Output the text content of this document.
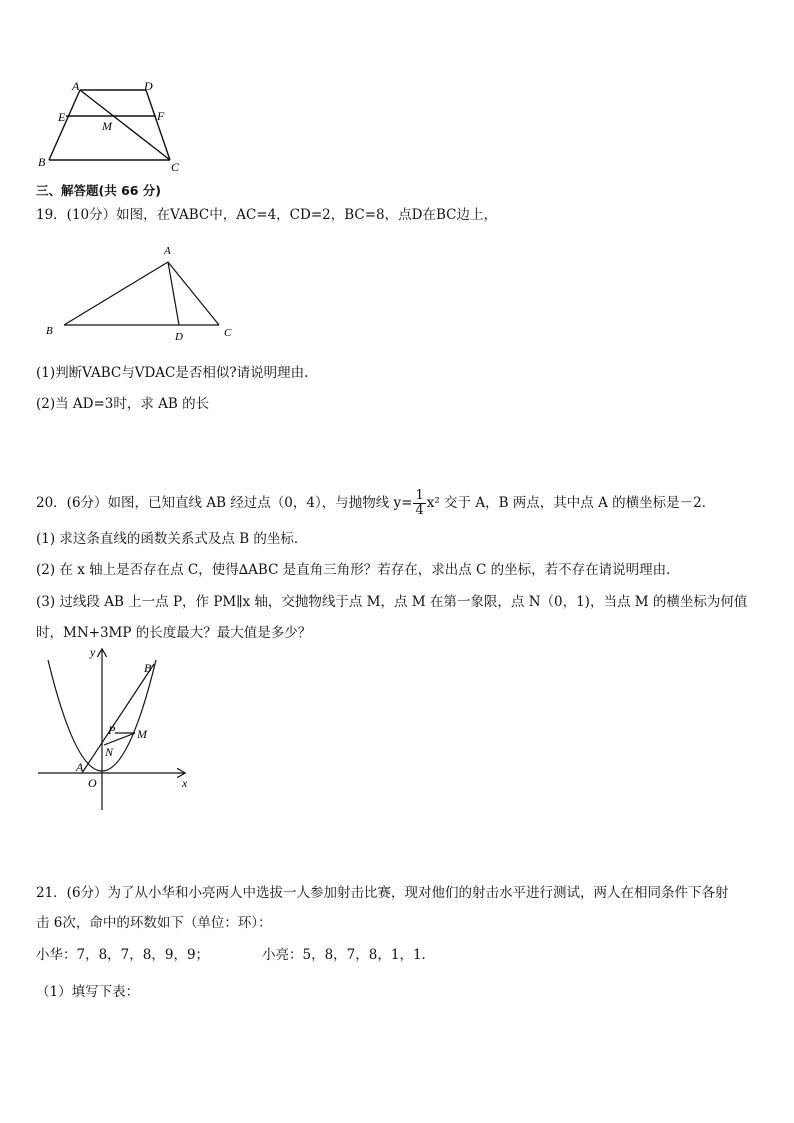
A	D
E	F
M
B	C
三、解答题(共 66 分)
19．(10分）如图，在VABC中，AC=4，CD=2，BC=8，点D在BC边上，
A
B	D	C
(1)判断VABC与VDAC是否相似?请说明理由.
(2)当 AD=3时，求 AB 的长
20．(6分）如图，已知直线 AB 经过点（0，4），与抛物线 $y= \frac{1}{4} x^2$ 交于 A，B 两点，其中点 A 的横坐标是－2．
(1) 求这条直线的函数关系式及点 B 的坐标．
(2) 在 x 轴上是否存在点 C，使得∆ABC 是直角三角形？若存在，求出点 C 的坐标，若不存在请说明理由．
(3) 过线段 AB 上一点 P，作 PM∥x 轴，交抛物线于点 M，点 M 在第一象限，点 N（0，1)，当点 M 的横坐标为何值
时，MN+3MP 的长度最大？最大值是多少？
y
x
O
A
B
P M
N
21．(6分）为了从小华和小亮两人中选拔一人参加射击比赛，现对他们的射击水平进行测试，两人在相同条件下各射
击 6次，命中的环数如下（单位：环）：
小华：7，8，7，8，9，9；	小亮：5，8，7，8，1，1．
（1）填写下表：
